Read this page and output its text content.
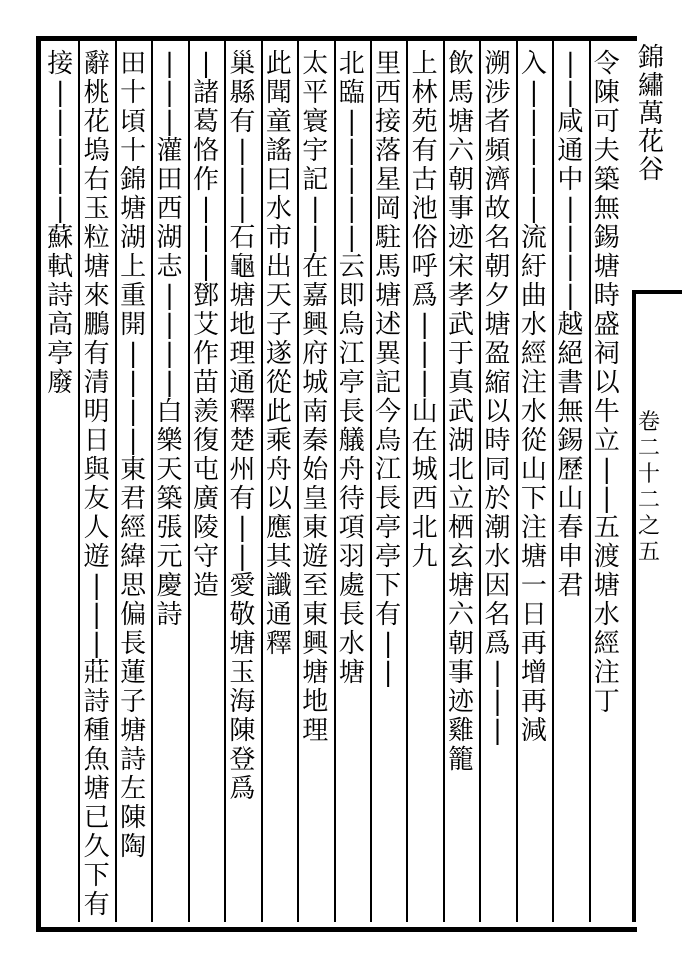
錦繡萬花谷
卷二十二之五
令
陳
可
夫
築
無
錫
塘
時
盛
祠
以
牛
立
|
|
五
渡
塘
水
經
注
丁
|
|
咸
通
中
|
|
|
|
越
絕
書
無
錫
歷
山
春
申
君
入
|
|
|
|
|
流
紆
曲
水
經
注
水
從
山
下
注
塘
一
日
再
增
再
減
溯
涉
者
頻
濟
故
名
朝
夕
塘
盈
縮
以
時
同
於
潮
水
因
名
爲
|
|
|
飲
馬
塘
六
朝
事
迹
宋
孝
武
于
真
武
湖
北
立
栖
玄
塘
六
朝
事
迹
雞
籠
上
林
苑
有
古
池
俗
呼
爲
|
|
|
山
在
城
西
北
九
里
西
接
落
星
岡
駐
馬
塘
述
異
記
今
烏
江
長
亭
亭
下
有
|
|
北
臨
|
|
|
|
|
云
即
烏
江
亭
長
艤
舟
待
項
羽
處
長
水
塘
太
平
寰
宇
記
|
|
在
嘉
興
府
城
南
秦
始
皇
東
遊
至
東
興
塘
地
理
此
聞
童
謠
曰
水
市
出
天
子
遂
從
此
乘
舟
以
應
其
讖
通
釋
巢
縣
有
|
|
|
石
龜
塘
地
理
通
釋
楚
州
有
|
|
愛
敬
塘
玉
海
陳
登
爲
|
諸
葛
恪
作
|
|
|
鄧
艾
作
苗
羨
復
屯
廣
陵
守
造
|
|
|
灌
田
西
湖
志
|
|
|
|
白
樂
天
築
張
元
慶
詩
田
十
頃
十
錦
塘
湖
上
重
開
|
|
|
|
東
君
經
緯
思
偏
長
蓮
子
塘
詩
左
陳
陶
辭
桃
花
塢
右
玉
粒
塘
來
鵬
有
清
明
日
與
友
人
遊
|
|
|
莊
詩
種
魚
塘
已
久
下
有
接
|
|
|
|
|
蘇
軾
詩
高
亭
廢
